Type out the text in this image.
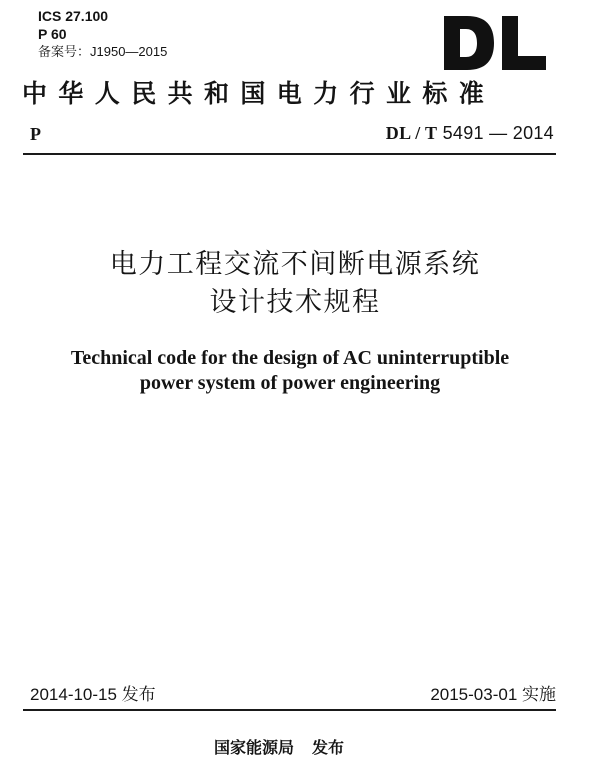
ICS 27.100
P 60
备案号：J1950—2015
中华人民共和国电力行业标准
P	DL / T 5491 — 2014
电力工程交流不间断电源系统
设计技术规程
Technical code for the design of AC uninterruptible
power system of power engineering
2014-10-15 发布	2015-03-01 实施
国家能源局 发布
